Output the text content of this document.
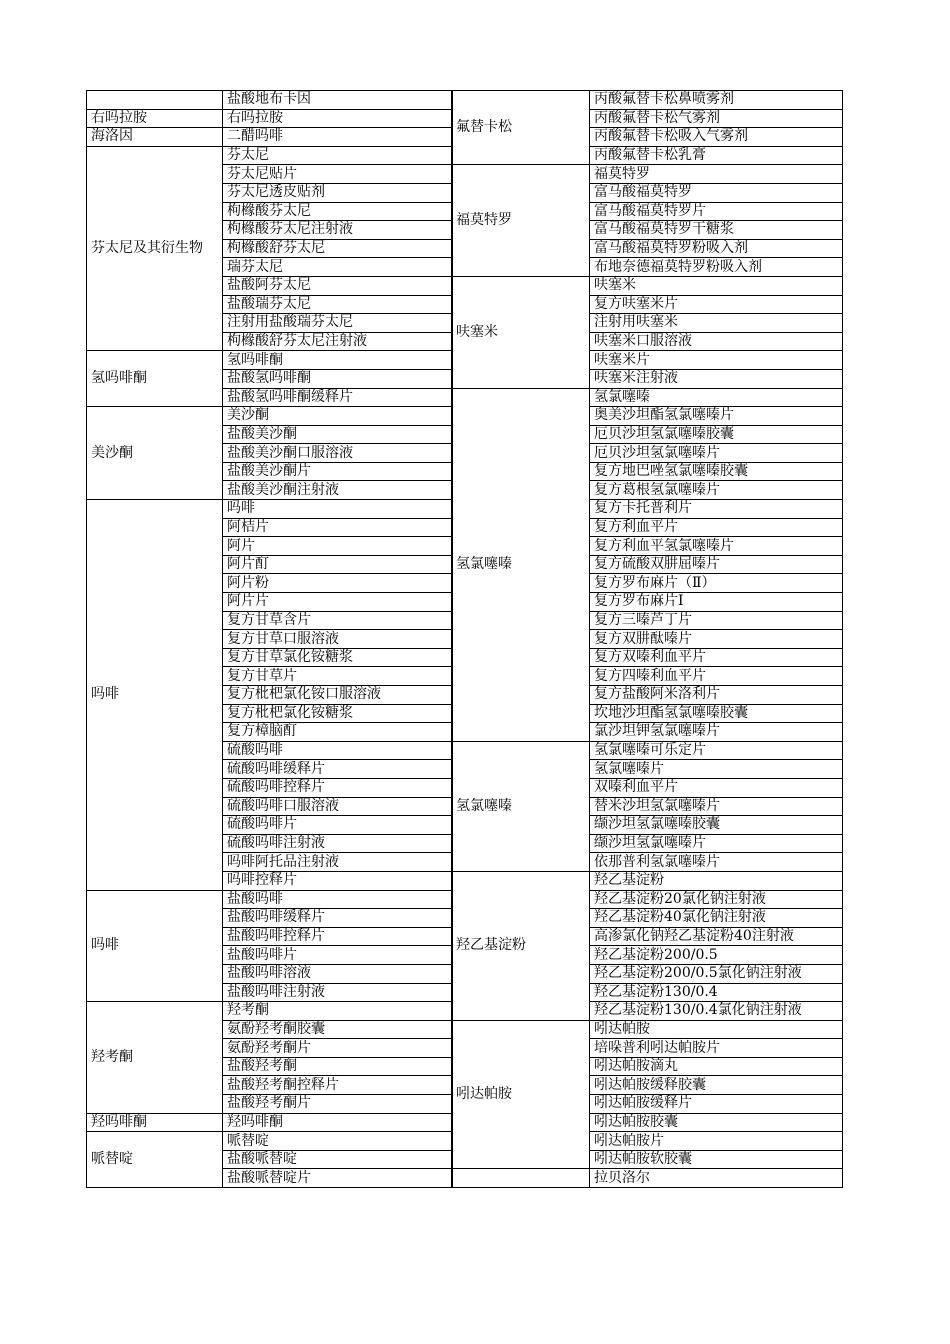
	盐酸地布卡因
右吗拉胺	右吗拉胺
海洛因	二醋吗啡
芬太尼及其衍生物	芬太尼
	芬太尼贴片
	芬太尼透皮贴剂
	枸橼酸芬太尼
	枸橼酸芬太尼注射液
	枸橼酸舒芬太尼
	瑞芬太尼
	盐酸阿芬太尼
	盐酸瑞芬太尼
	注射用盐酸瑞芬太尼
	枸橼酸舒芬太尼注射液
氢吗啡酮	氢吗啡酮
	盐酸氢吗啡酮
	盐酸氢吗啡酮缓释片
美沙酮	美沙酮
	盐酸美沙酮
	盐酸美沙酮口服溶液
	盐酸美沙酮片
	盐酸美沙酮注射液
吗啡	吗啡
	阿桔片
	阿片
	阿片酊
	阿片粉
	阿片片
	复方甘草含片
	复方甘草口服溶液
	复方甘草氯化铵糖浆
	复方甘草片
	复方枇杷氯化铵口服溶液
	复方枇杷氯化铵糖浆
	复方樟脑酊
	硫酸吗啡
	硫酸吗啡缓释片
	硫酸吗啡控释片
	硫酸吗啡口服溶液
	硫酸吗啡片
	硫酸吗啡注射液
	吗啡阿托品注射液
	吗啡控释片
吗啡	盐酸吗啡
	盐酸吗啡缓释片
	盐酸吗啡控释片
	盐酸吗啡片
	盐酸吗啡溶液
	盐酸吗啡注射液
羟考酮	羟考酮
	氨酚羟考酮胶囊
	氨酚羟考酮片
	盐酸羟考酮
	盐酸羟考酮控释片
	盐酸羟考酮片
羟吗啡酮	羟吗啡酮
哌替啶	哌替啶
	盐酸哌替啶
	盐酸哌替啶片
氟替卡松	丙酸氟替卡松鼻喷雾剂
	丙酸氟替卡松气雾剂
	丙酸氟替卡松吸入气雾剂
	丙酸氟替卡松乳膏
福莫特罗	福莫特罗
	富马酸福莫特罗
	富马酸福莫特罗片
	富马酸福莫特罗干糖浆
	富马酸福莫特罗粉吸入剂
	布地奈德福莫特罗粉吸入剂
呋塞米	呋塞米
	复方呋塞米片
	注射用呋塞米
	呋塞米口服溶液
	呋塞米片
	呋塞米注射液
氢氯噻嗪	氢氯噻嗪
	奥美沙坦酯氢氯噻嗪片
	厄贝沙坦氢氯噻嗪胶囊
	厄贝沙坦氢氯噻嗪片
	复方地巴唑氢氯噻嗪胶囊
	复方葛根氢氯噻嗪片
	复方卡托普利片
	复方利血平片
	复方利血平氢氯噻嗪片
	复方硫酸双肼屈嗪片
	复方罗布麻片（Ⅱ）
	复方罗布麻片Ⅰ
	复方三嗪芦丁片
	复方双肼酞嗪片
	复方双嗪利血平片
	复方四嗪利血平片
	复方盐酸阿米洛利片
	坎地沙坦酯氢氯噻嗪胶囊
	氯沙坦钾氢氯噻嗪片
氢氯噻嗪	氢氯噻嗪可乐定片
	氢氯噻嗪片
	双嗪利血平片
	替米沙坦氢氯噻嗪片
	缬沙坦氢氯噻嗪胶囊
	缬沙坦氢氯噻嗪片
	依那普利氢氯噻嗪片
羟乙基淀粉	羟乙基淀粉
	羟乙基淀粉20氯化钠注射液
	羟乙基淀粉40氯化钠注射液
	高渗氯化钠羟乙基淀粉40注射液
	羟乙基淀粉200/0.5
	羟乙基淀粉200/0.5氯化钠注射液
	羟乙基淀粉130/0.4
	羟乙基淀粉130/0.4氯化钠注射液
吲达帕胺	吲达帕胺
	培哚普利吲达帕胺片
	吲达帕胺滴丸
	吲达帕胺缓释胶囊
	吲达帕胺缓释片
	吲达帕胺胶囊
	吲达帕胺片
	吲达帕胺软胶囊
	拉贝洛尔
